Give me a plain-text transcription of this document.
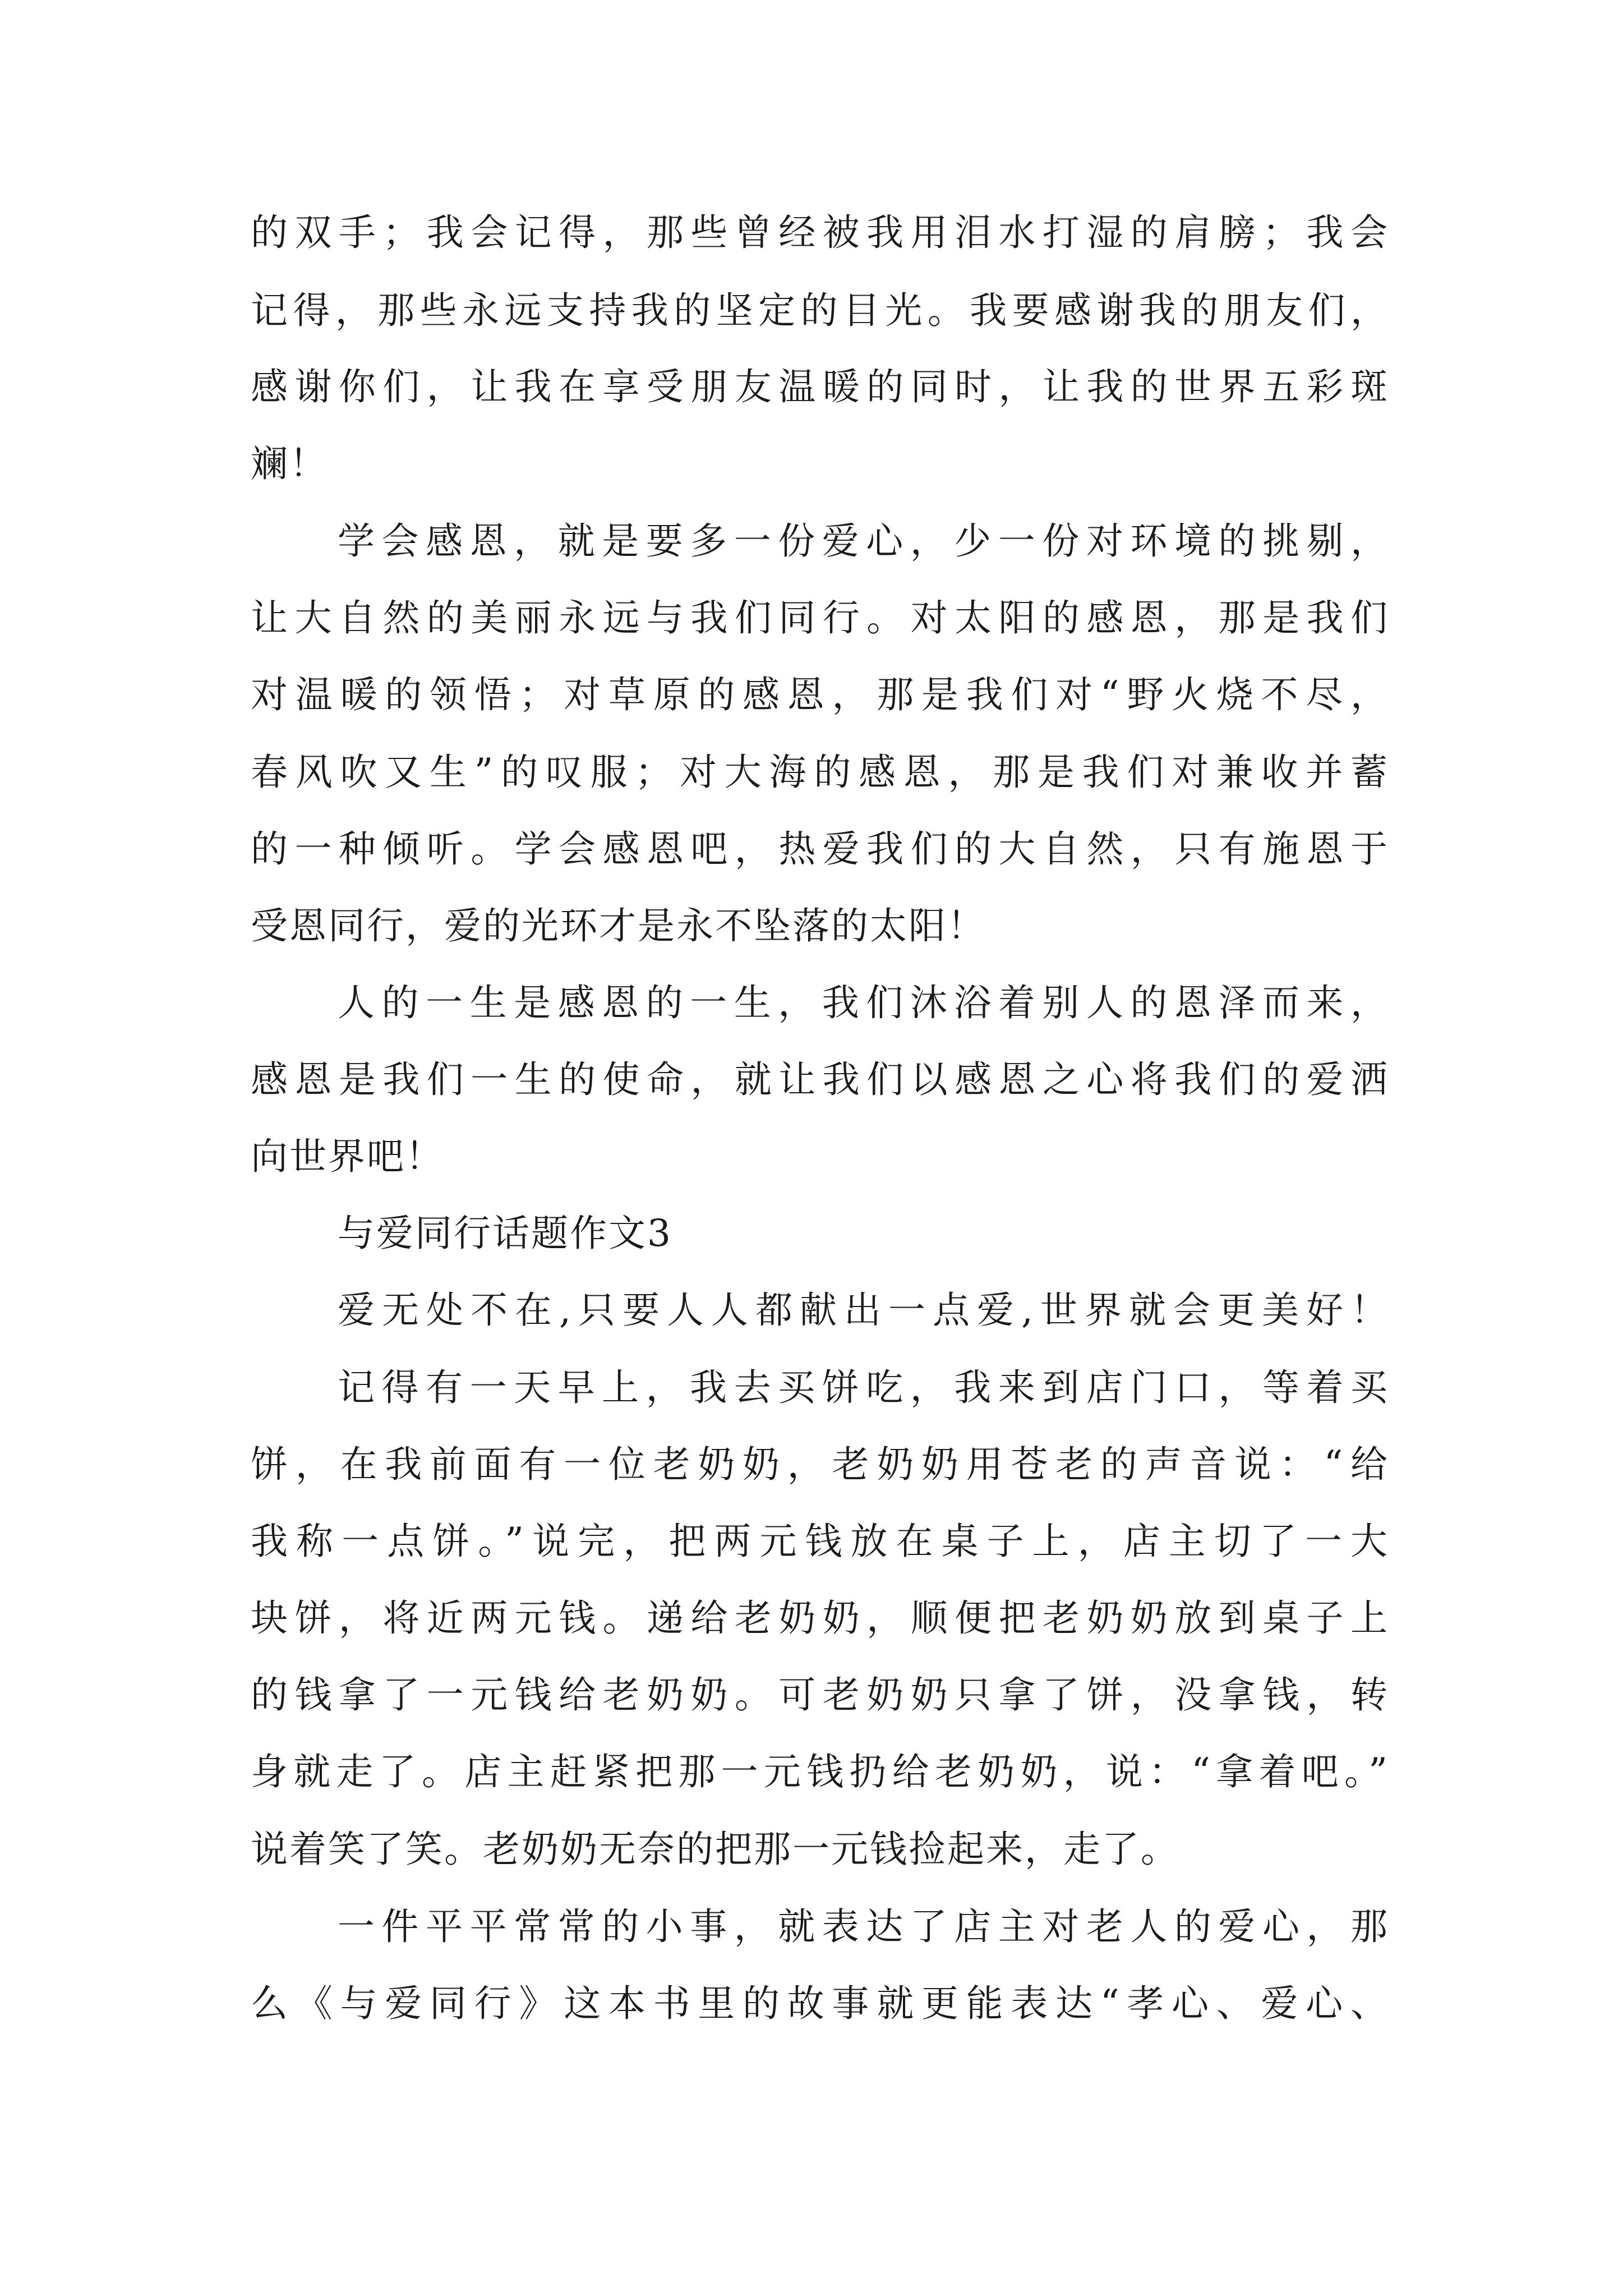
的双手；我会记得，那些曾经被我用泪水打湿的肩膀；我会

记得，那些永远支持我的坚定的目光。我要感谢我的朋友们，

感谢你们，让我在享受朋友温暖的同时，让我的世界五彩斑

斓！

学会感恩，就是要多一份爱心，少一份对环境的挑剔，

让大自然的美丽永远与我们同行。对太阳的感恩，那是我们

对温暖的领悟；对草原的感恩，那是我们对“野火烧不尽，

春风吹又生”的叹服；对大海的感恩，那是我们对兼收并蓄

的一种倾听。学会感恩吧，热爱我们的大自然，只有施恩于

受恩同行，爱的光环才是永不坠落的太阳！

人的一生是感恩的一生，我们沐浴着别人的恩泽而来，

感恩是我们一生的使命，就让我们以感恩之心将我们的爱洒

向世界吧！

与爱同行话题作文3

爱无处不在,只要人人都献出一点爱,世界就会更美好！

记得有一天早上，我去买饼吃，我来到店门口，等着买

饼，在我前面有一位老奶奶，老奶奶用苍老的声音说：“给

我称一点饼。”说完，把两元钱放在桌子上，店主切了一大

块饼，将近两元钱。递给老奶奶，顺便把老奶奶放到桌子上

的钱拿了一元钱给老奶奶。可老奶奶只拿了饼，没拿钱，转

身就走了。店主赶紧把那一元钱扔给老奶奶，说：“拿着吧。”

说着笑了笑。老奶奶无奈的把那一元钱捡起来，走了。

一件平平常常的小事，就表达了店主对老人的爱心，那

么《与爱同行》这本书里的故事就更能表达“孝心、爱心、
